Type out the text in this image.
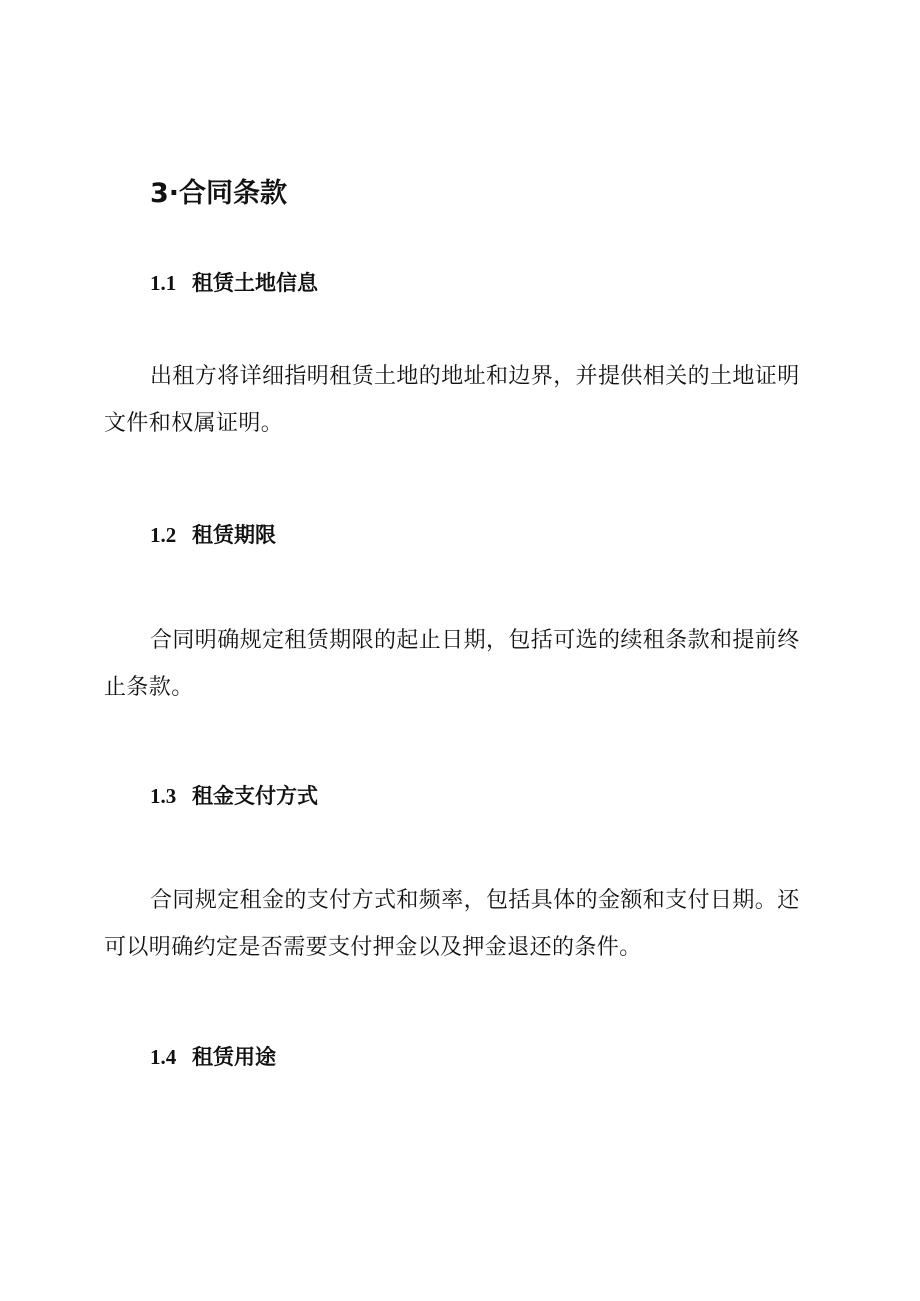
3·合同条款
1.1 租赁土地信息
出租方将详细指明租赁土地的地址和边界，并提供相关的土地证明文件和权属证明。
1.2 租赁期限
合同明确规定租赁期限的起止日期，包括可选的续租条款和提前终止条款。
1.3 租金支付方式
合同规定租金的支付方式和频率，包括具体的金额和支付日期。还可以明确约定是否需要支付押金以及押金退还的条件。
1.4 租赁用途
